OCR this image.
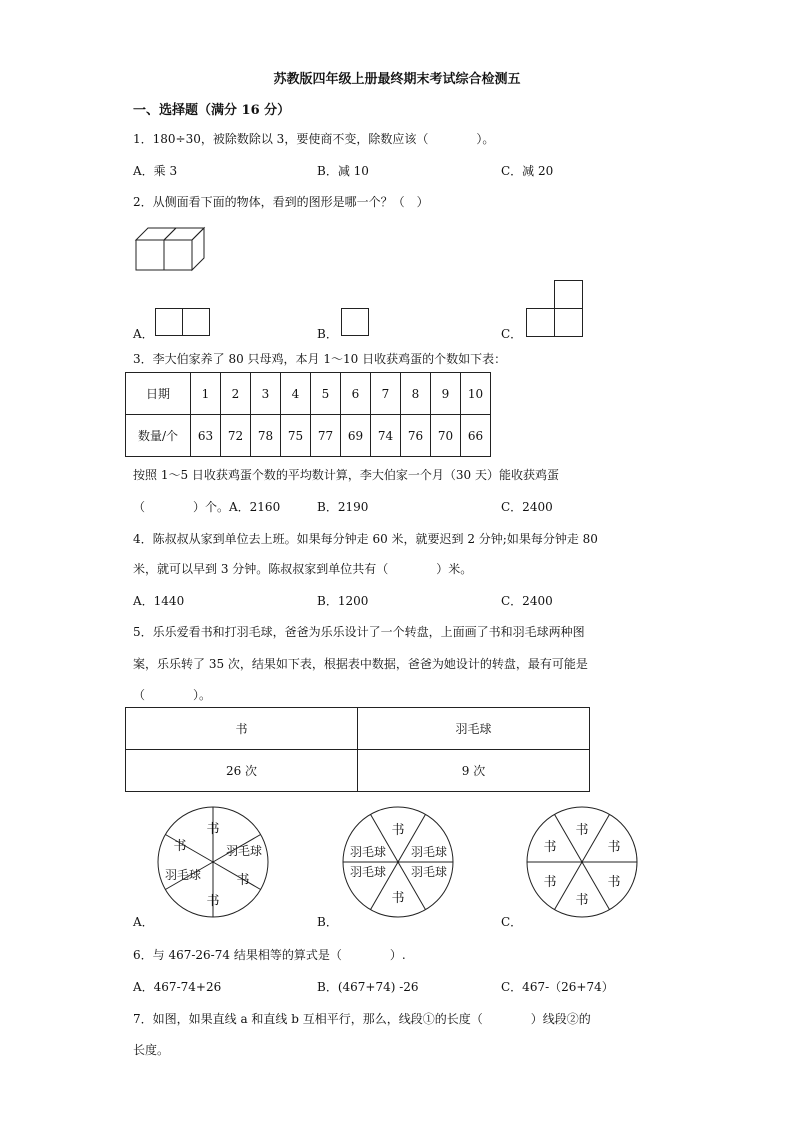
苏教版四年级上册最终期末考试综合检测五
一、选择题（满分 16 分）
1．180÷30，被除数除以 3，要使商不变，除数应该（　　　　）。
A．乘 3	B．减 10	C．减 20
2．从侧面看下面的物体，看到的图形是哪一个？（　）
A．	B．	C．
3．李大伯家养了 80 只母鸡，本月 1～10 日收获鸡蛋的个数如下表：
日期	1	2	3	4	5	6	7	8	9	10
数量/个	63	72	78	75	77	69	74	76	70	66
按照 1～5 日收获鸡蛋个数的平均数计算，李大伯家一个月（30 天）能收获鸡蛋
（　　　　）个。A．2160	B．2190	C．2400
4．陈叔叔从家到单位去上班。如果每分钟走 60 米，就要迟到 2 分钟;如果每分钟走 80
米，就可以早到 3 分钟。陈叔叔家到单位共有（　　　　）米。
A．1440	B．1200	C．2400
5．乐乐爱看书和打羽毛球，爸爸为乐乐设计了一个转盘，上面画了书和羽毛球两种图
案，乐乐转了 35 次，结果如下表，根据表中数据，爸爸为她设计的转盘，最有可能是
（　　　　）。
书	羽毛球
26 次	9 次
书
书
羽毛球
羽毛球	书
书
A．
书
羽毛球 羽毛球
羽毛球 羽毛球
书
B．
书
书	书
书	书
书
C．
6．与 467-26-74 结果相等的算式是（　　　　）.
A．467-74+26	B．(467+74) -26	C．467-（26+74）
7．如图，如果直线 a 和直线 b 互相平行，那么，线段①的长度（　　　　）线段②的
长度。
